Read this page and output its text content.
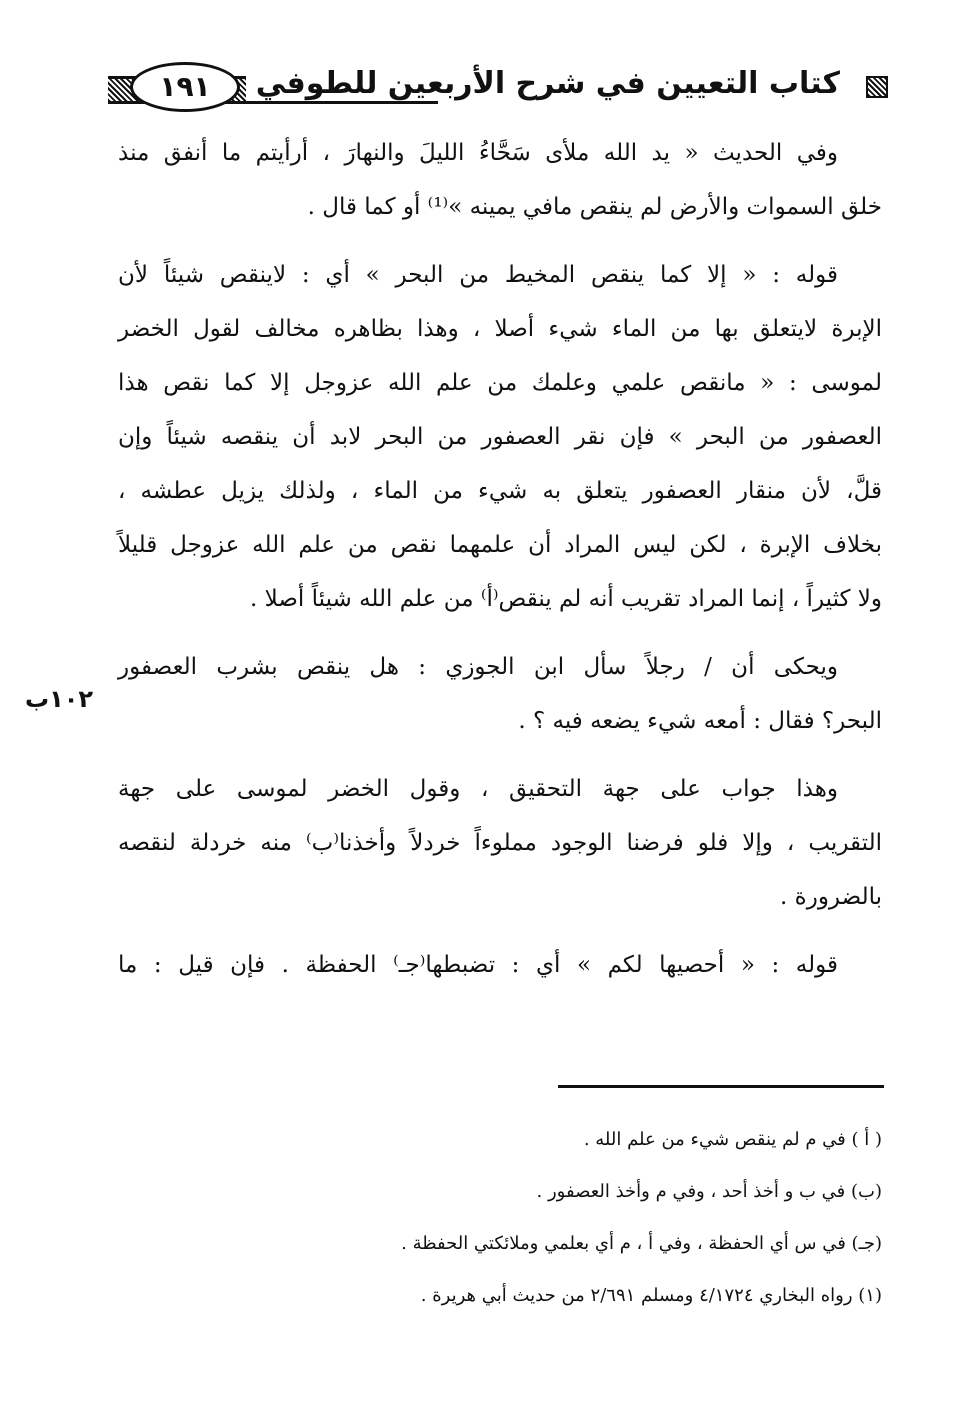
١٩١	كتاب التعيين في شرح الأربعين للطوفي
١٠٢ب
وفي الحديث « يد الله ملأى سَحَّاءُ الليلَ والنهارَ ، أرأيتم ما أنفق منذ
خلق السموات والأرض لم ينقص مافي يمينه »⁽¹⁾ أو كما قال .
قوله : « إلا كما ينقص المخيط من البحر » أي : لاينقص شيئاً لأن
الإبرة لايتعلق بها من الماء شيء أصلا ، وهذا بظاهره مخالف لقول الخضر
لموسى : « مانقص علمي وعلمك من علم الله عزوجل إلا كما نقص هذا
العصفور من البحر » فإن نقر العصفور من البحر لابد أن ينقصه شيئاً وإن
قلَّ، لأن منقار العصفور يتعلق به شيء من الماء ، ولذلك يزيل عطشه ،
بخلاف الإبرة ، لكن ليس المراد أن علمهما نقص من علم الله عزوجل قليلاً
ولا كثيراً ، إنما المراد تقريب أنه لم ينقص⁽أ⁾ من علم الله شيئاً أصلا .
ويحكى أن / رجلاً سأل ابن الجوزي : هل ينقص بشرب العصفور
البحر؟ فقال : أمعه شيء يضعه فيه ؟ .
وهذا جواب على جهة التحقيق ، وقول الخضر لموسى على جهة
التقريب ، وإلا فلو فرضنا الوجود مملوءاً خردلاً وأخذنا⁽ب⁾ منه خردلة لنقصه
بالضرورة .
قوله : « أحصيها لكم » أي : تضبطها⁽جـ⁾ الحفظة . فإن قيل : ما
( أ ) في م لم ينقص شيء من علم الله .
(ب) في ب و أخذ أحد ، وفي م وأخذ العصفور .
(جـ) في س أي الحفظة ، وفي أ ، م أي بعلمي وملائكتي الحفظة .
(١) رواه البخاري ٤/١٧٢٤ ومسلم ٢/٦٩١ من حديث أبي هريرة .
